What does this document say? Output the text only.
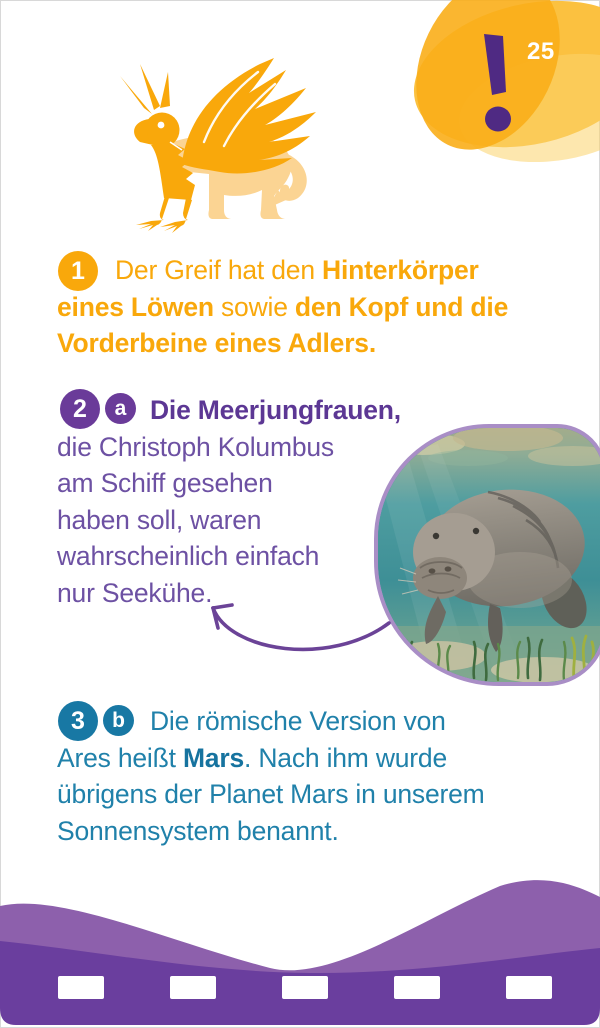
25
1	Der Greif hat den Hinterkörper
eines Löwen sowie den Kopf und die
Vorderbeine eines Adlers.
2	a Die Meerjungfrauen,
die Christoph Kolumbus
am Schiff gesehen
haben soll, waren
wahrscheinlich einfach
nur Seekühe.
3	b Die römische Version von
Ares heißt Mars. Nach ihm wurde
übrigens der Planet Mars in unserem
Sonnensystem benannt.
